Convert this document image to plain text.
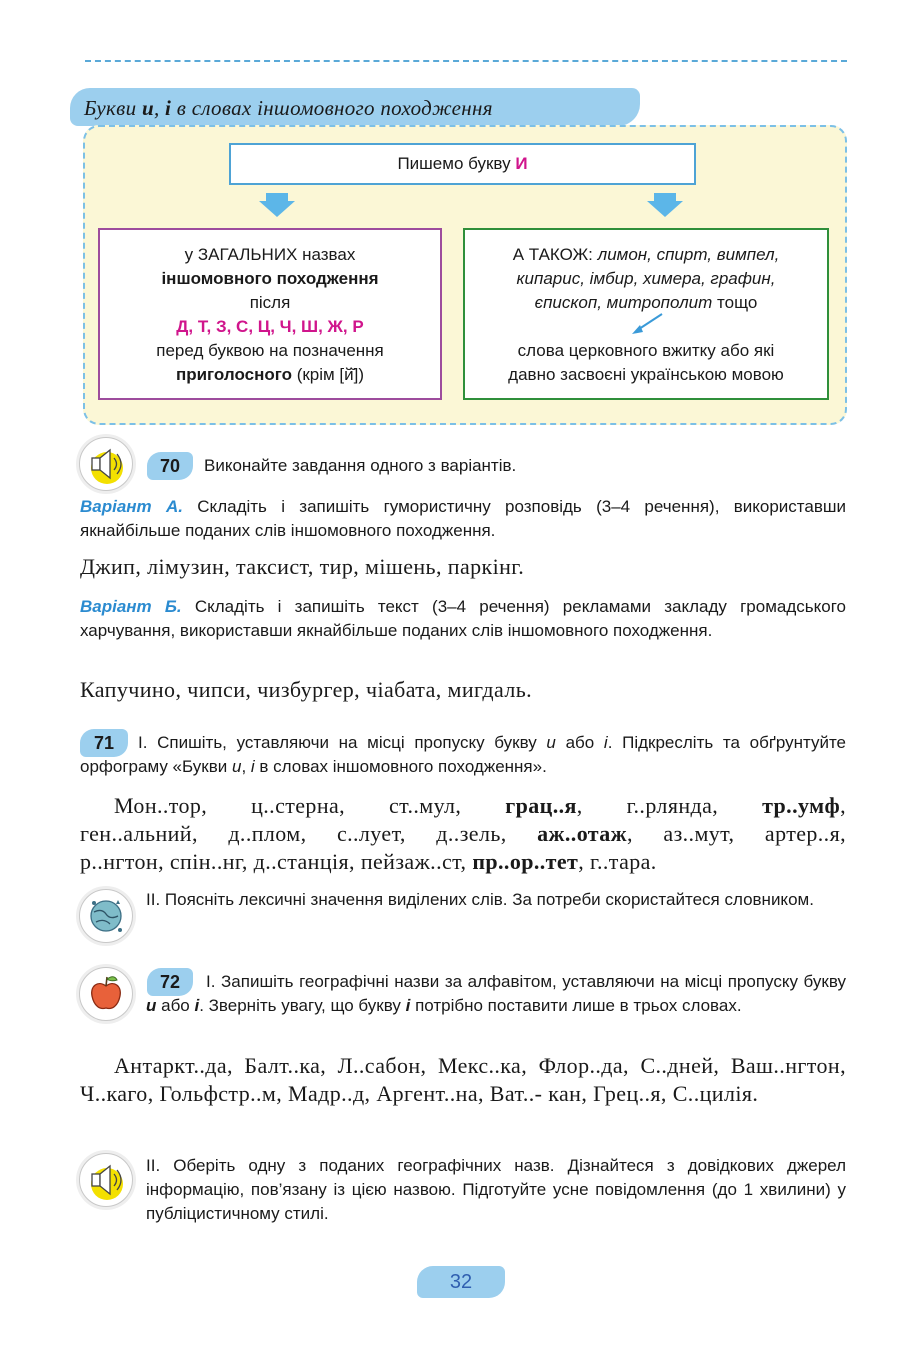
Букви и, і в словах іншомовного походження
Пишемо букву И
у ЗАГАЛЬНИХ назвах
іншомовного походження
після
Д, Т, З, С, Ц, Ч, Ш, Ж, Р
перед буквою на позначення
приголосного (крім [й̆])
А ТАКОЖ: лимон, спирт, вимпел,
кипарис, імбир, химера, графин,
єпископ, митрополит тощо
слова церковного вжитку або які
давно засвоєні українською мовою
70	Виконайте завдання одного з варіантів.
Варіант А. Складіть і запишіть гумористичну розповідь (3–4 речення), використавши якнайбільше поданих слів іншомовного походження.
Джип, лімузин, таксист, тир, мішень, паркінг.
Варіант Б. Складіть і запишіть текст (3–4 речення) рекламами закладу громадського харчування, використавши якнайбільше поданих слів іншомовного походження.
Капучино, чипси, чизбургер, чіабата, мигдаль.
71	I. Спишіть, уставляючи на місці пропуску букву и або і. Підкресліть та обґрунтуйте орфограму «Букви и, і в словах іншомовного походження».
Мон..тор, ц..стерна, ст..мул, грац..я, г..рлянда, тр..умф,
ген..альний, д..плом, с..лует, д..зель, аж..отаж, аз..мут, артер..я,
р..нгтон, спін..нг, д..станція, пейзаж..ст, пр..ор..тет, г..тара.
II. Поясніть лексичні значення виділених слів. За потреби скористайтеся словником.
72	I. Запишіть географічні назви за алфавітом, уставляючи на місці пропуску букву и або і. Зверніть увагу, що букву і потрібно поставити лише в трьох словах.
Антаркт..да, Балт..ка, Л..сабон, Мекс..ка, Флор..да, С..дней, Ваш..нгтон, Ч..каго, Гольфстр..м, Мадр..д, Аргент..на, Ват..- кан, Грец..я, С..цилія.
II. Оберіть одну з поданих географічних назв. Дізнайтеся з довідкових джерел інформацію, пов’язану із цією назвою. Підготуйте усне повідомлення (до 1 хвилини) у публіцистичному стилі.
32
